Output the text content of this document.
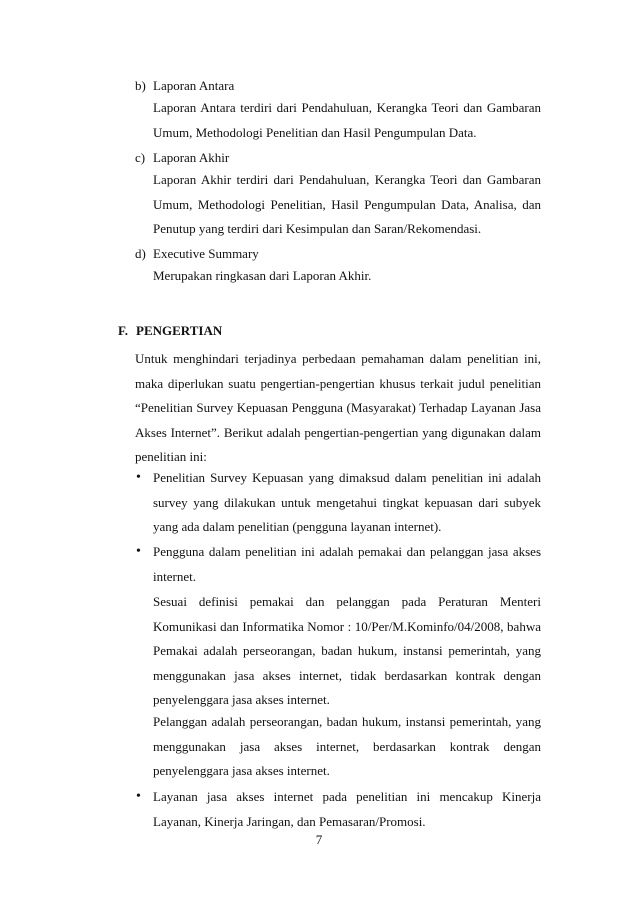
b) Laporan Antara
Laporan Antara terdiri dari Pendahuluan, Kerangka Teori dan Gambaran Umum, Methodologi Penelitian dan Hasil Pengumpulan Data.
c) Laporan Akhir
Laporan Akhir terdiri dari Pendahuluan, Kerangka Teori dan Gambaran Umum, Methodologi Penelitian, Hasil Pengumpulan Data, Analisa, dan Penutup yang terdiri dari Kesimpulan dan Saran/Rekomendasi.
d) Executive Summary
Merupakan ringkasan dari Laporan Akhir.
F. PENGERTIAN
Untuk menghindari terjadinya perbedaan pemahaman dalam penelitian ini, maka diperlukan suatu pengertian-pengertian khusus terkait judul penelitian “Penelitian Survey Kepuasan Pengguna (Masyarakat) Terhadap Layanan Jasa Akses Internet”. Berikut adalah pengertian-pengertian yang digunakan dalam penelitian ini:
• Penelitian Survey Kepuasan yang dimaksud dalam penelitian ini adalah survey yang dilakukan untuk mengetahui tingkat kepuasan dari subyek yang ada dalam penelitian (pengguna layanan internet).
• Pengguna dalam penelitian ini adalah pemakai dan pelanggan jasa akses internet.
Sesuai definisi pemakai dan pelanggan pada Peraturan Menteri Komunikasi dan Informatika Nomor : 10/Per/M.Kominfo/04/2008, bahwa Pemakai adalah perseorangan, badan hukum, instansi pemerintah, yang menggunakan jasa akses internet, tidak berdasarkan kontrak dengan penyelenggara jasa akses internet.
Pelanggan adalah perseorangan, badan hukum, instansi pemerintah, yang menggunakan jasa akses internet, berdasarkan kontrak dengan penyelenggara jasa akses internet.
• Layanan jasa akses internet pada penelitian ini mencakup Kinerja Layanan, Kinerja Jaringan, dan Pemasaran/Promosi.
7
